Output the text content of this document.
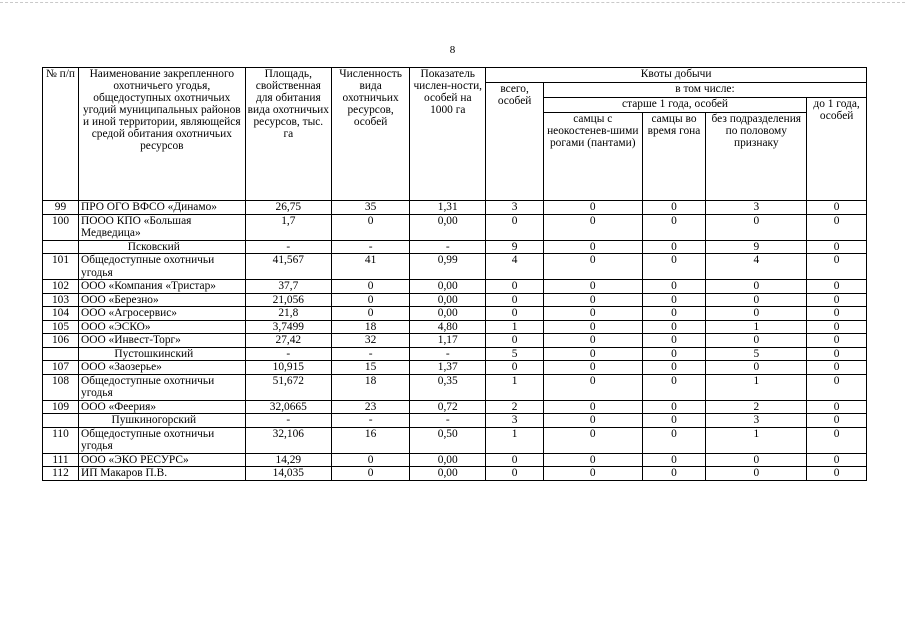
8
№ п/п	Наименование закрепленного охотничьего угодья, общедоступных охотничьих угодий муниципальных районов и иной территории, являющейся средой обитания охотничьих ресурсов	Площадь, свойственная для обитания вида охотничьих ресурсов, тыс. га	Численность вида охотничьих ресурсов, особей	Показатель числен-ности, особей на 1000 га	Квоты добычи				
					всего, особей	в том числе:			
						старше 1 года, особей			до 1 года, особей
						самцы с неокостенев-шими рогами (пантами)	самцы во время гона	без подразделения по половому признаку	
99	ПРО ОГО ВФСО «Динамо»	26,75	35	1,31	3	0	0	3	0
100	ПООО КПО «Большая Медведица»	1,7	0	0,00	0	0	0	0	0
	Псковский	-	-	-	9	0	0	9	0
101	Общедоступные охотничьи угодья	41,567	41	0,99	4	0	0	4	0
102	ООО «Компания «Тристар»	37,7	0	0,00	0	0	0	0	0
103	ООО «Березно»	21,056	0	0,00	0	0	0	0	0
104	ООО «Агросервис»	21,8	0	0,00	0	0	0	0	0
105	ООО «ЭСКО»	3,7499	18	4,80	1	0	0	1	0
106	ООО «Инвест-Торг»	27,42	32	1,17	0	0	0	0	0
	Пустошкинский	-	-	-	5	0	0	5	0
107	ООО «Заозерье»	10,915	15	1,37	0	0	0	0	0
108	Общедоступные охотничьи угодья	51,672	18	0,35	1	0	0	1	0
109	ООО «Феерия»	32,0665	23	0,72	2	0	0	2	0
	Пушкиногорский	-	-	-	3	0	0	3	0
110	Общедоступные охотничьи угодья	32,106	16	0,50	1	0	0	1	0
111	ООО «ЭКО РЕСУРС»	14,29	0	0,00	0	0	0	0	0
112	ИП Макаров П.В.	14,035	0	0,00	0	0	0	0	0
